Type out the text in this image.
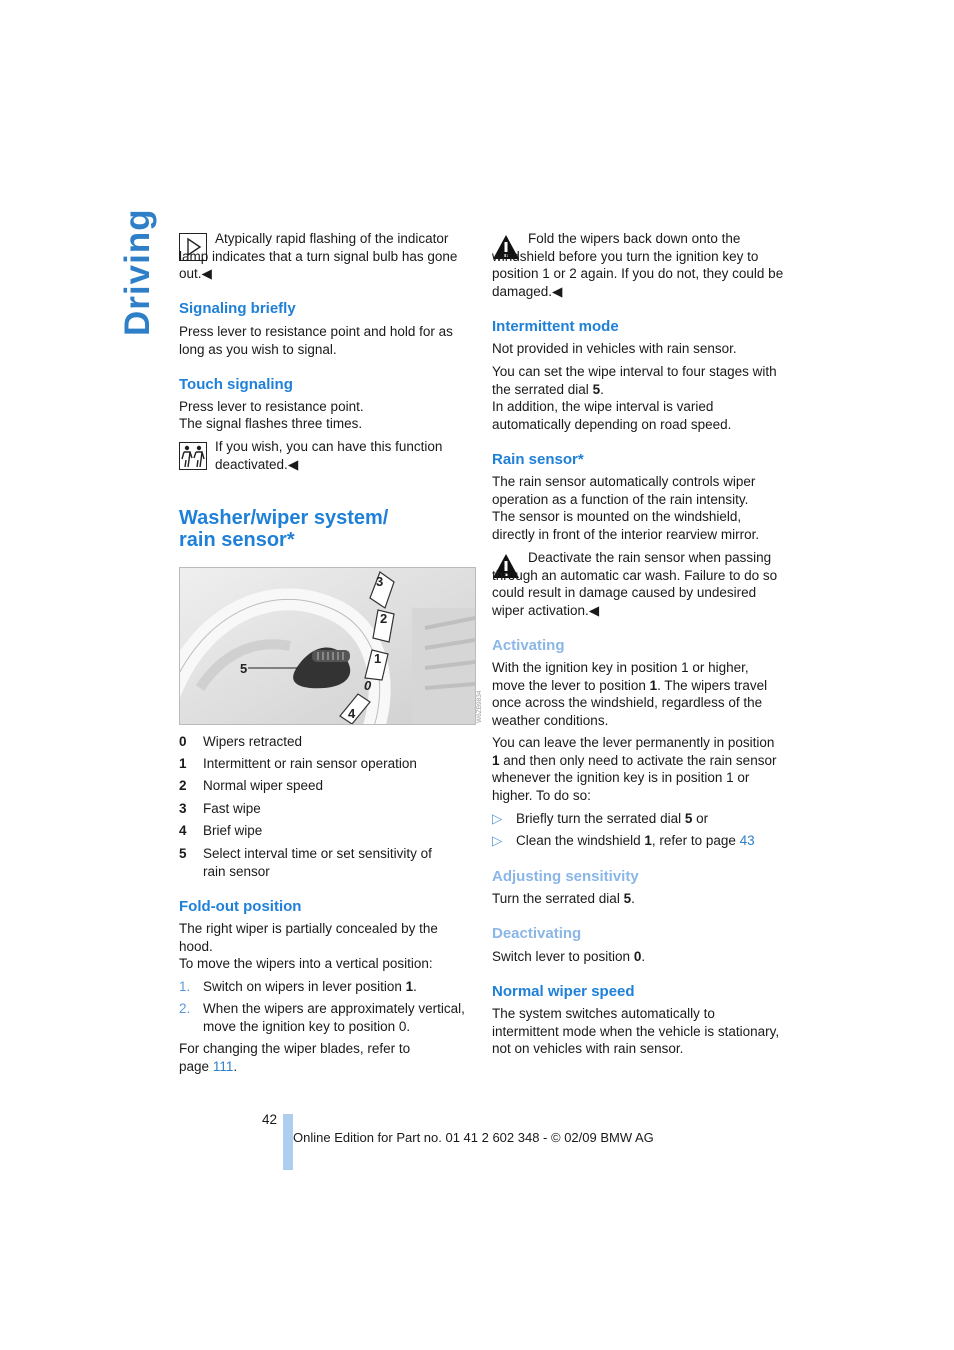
Driving	Atypically rapid flashing of the indicator lamp indicates that a turn signal bulb has gone out.◀

Signaling briefly

Press lever to resistance point and hold for as long as you wish to signal.

Touch signaling

Press lever to resistance point.

The signal flashes three times.

If you wish, you can have this function deactivated.◀

Washer/wiper system/
rain sensor*
5
3
2
1
0
4	W6ZB9834
0 Wipers retracted
1 Intermittent or rain sensor operation
2 Normal wiper speed
3 Fast wipe
4 Brief wipe
5 Select interval time or set sensitivity of rain sensor
Fold-out position

The right wiper is partially concealed by the hood.

To move the wipers into a vertical position:

1. Switch on wipers in lever position 1.
2. When the wipers are approximately vertical, move the ignition key to position 0.

For changing the wiper blades, refer to page 111.

Fold the wipers back down onto the windshield before you turn the ignition key to position 1 or 2 again. If you do not, they could be damaged.◀

Intermittent mode

Not provided in vehicles with rain sensor.

You can set the wipe interval to four stages with the serrated dial 5.

In addition, the wipe interval is varied automatically depending on road speed.

Rain sensor*

The rain sensor automatically controls wiper operation as a function of the rain intensity.

The sensor is mounted on the windshield, directly in front of the interior rearview mirror.

Deactivate the rain sensor when passing through an automatic car wash. Failure to do so could result in damage caused by undesired wiper activation.◀

Activating

With the ignition key in position 1 or higher, move the lever to position 1. The wipers travel once across the windshield, regardless of the weather conditions.

You can leave the lever permanently in position 1 and then only need to activate the rain sensor whenever the ignition key is in position 1 or higher. To do so:

▷ Briefly turn the serrated dial 5 or
▷ Clean the windshield 1, refer to page 43
Adjusting sensitivity

Turn the serrated dial 5.

Deactivating

Switch lever to position 0.

Normal wiper speed

The system switches automatically to intermittent mode when the vehicle is stationary, not on vehicles with rain sensor.

42
Online Edition for Part no. 01 41 2 602 348 - © 02/09 BMW AG
